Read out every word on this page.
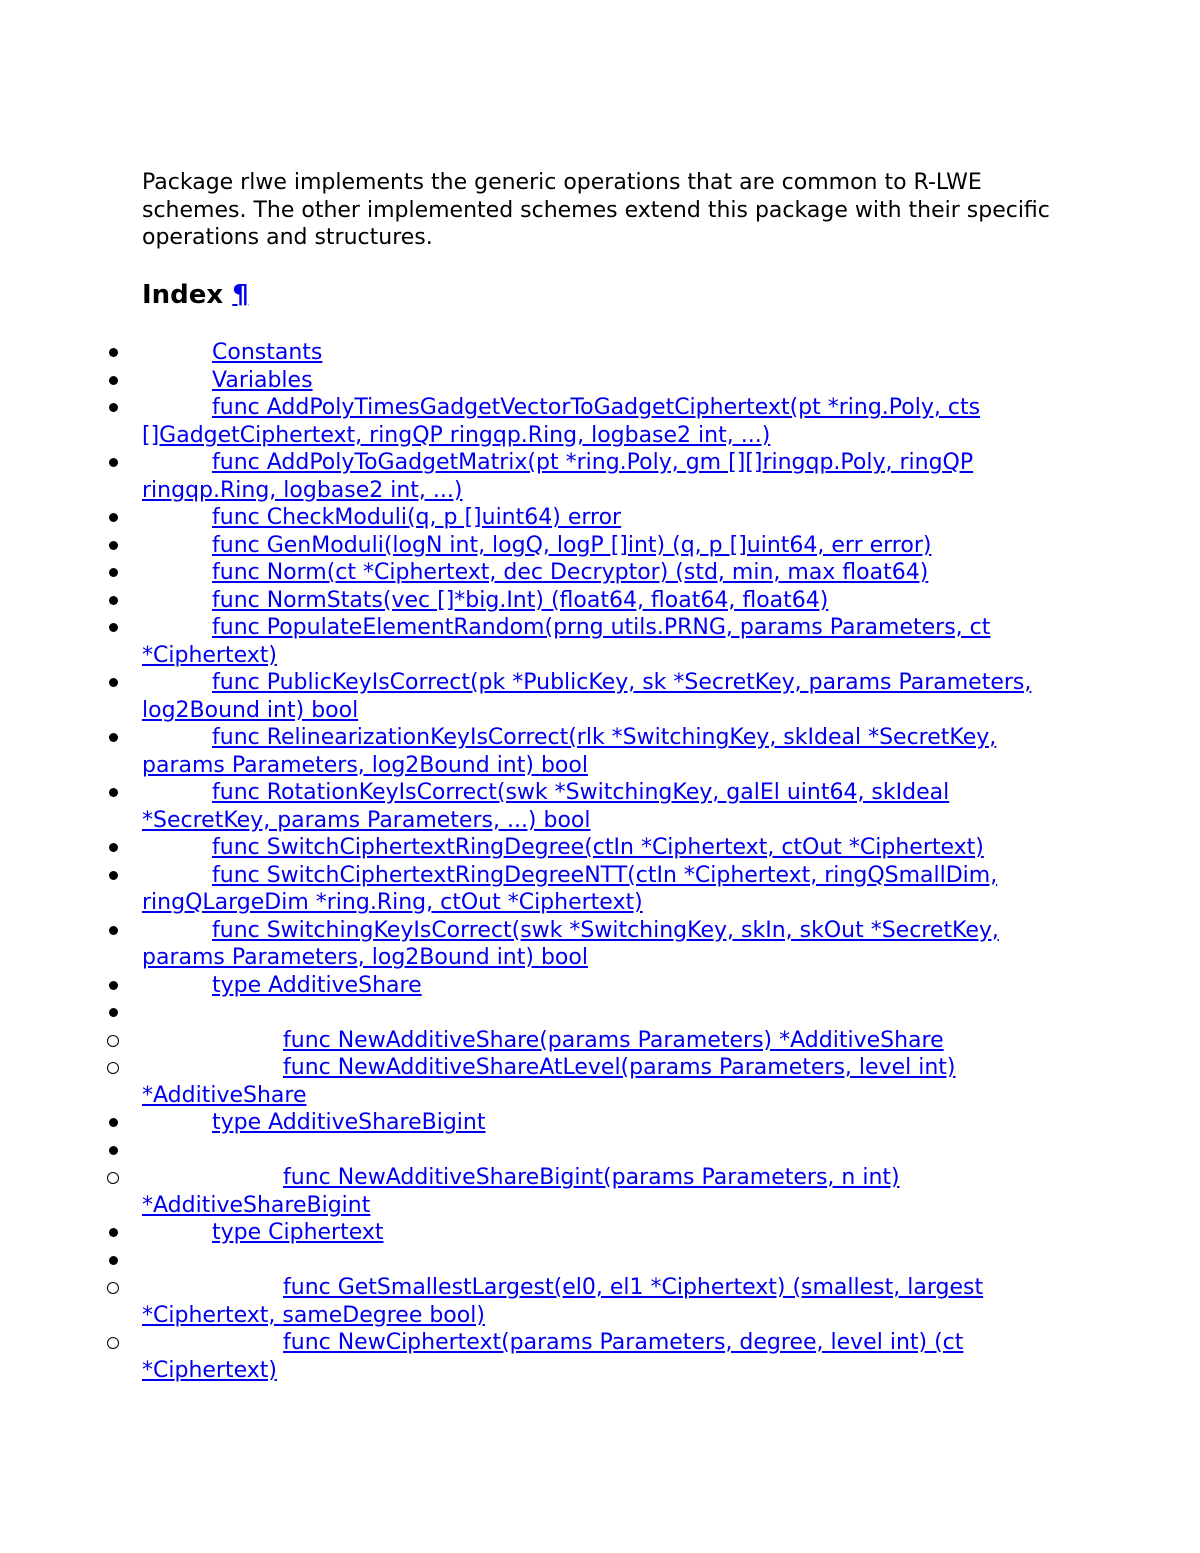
Package rlwe implements the generic operations that are common to R-LWE schemes. The other implemented schemes extend this package with their specific operations and structures.

Index ¶
Constants
Variables
func AddPolyTimesGadgetVectorToGadgetCiphertext(pt *ring.Poly, cts []GadgetCiphertext, ringQP ringqp.Ring, logbase2 int, ...)
func AddPolyToGadgetMatrix(pt *ring.Poly, gm [][]ringqp.Poly, ringQP ringqp.Ring, logbase2 int, ...)
func CheckModuli(q, p []uint64) error
func GenModuli(logN int, logQ, logP []int) (q, p []uint64, err error)
func Norm(ct *Ciphertext, dec Decryptor) (std, min, max float64)
func NormStats(vec []*big.Int) (float64, float64, float64)
func PopulateElementRandom(prng utils.PRNG, params Parameters, ct *Ciphertext)
func PublicKeyIsCorrect(pk *PublicKey, sk *SecretKey, params Parameters, log2Bound int) bool
func RelinearizationKeyIsCorrect(rlk *SwitchingKey, skIdeal *SecretKey, params Parameters, log2Bound int) bool
func RotationKeyIsCorrect(swk *SwitchingKey, galEl uint64, skIdeal *SecretKey, params Parameters, ...) bool
func SwitchCiphertextRingDegree(ctIn *Ciphertext, ctOut *Ciphertext)
func SwitchCiphertextRingDegreeNTT(ctIn *Ciphertext, ringQSmallDim, ringQLargeDim *ring.Ring, ctOut *Ciphertext)
func SwitchingKeyIsCorrect(swk *SwitchingKey, skIn, skOut *SecretKey, params Parameters, log2Bound int) bool
type AdditiveShare
func NewAdditiveShare(params Parameters) *AdditiveShare
func NewAdditiveShareAtLevel(params Parameters, level int) *AdditiveShare
type AdditiveShareBigint
func NewAdditiveShareBigint(params Parameters, n int) *AdditiveShareBigint
type Ciphertext
func GetSmallestLargest(el0, el1 *Ciphertext) (smallest, largest *Ciphertext, sameDegree bool)
func NewCiphertext(params Parameters, degree, level int) (ct *Ciphertext)
